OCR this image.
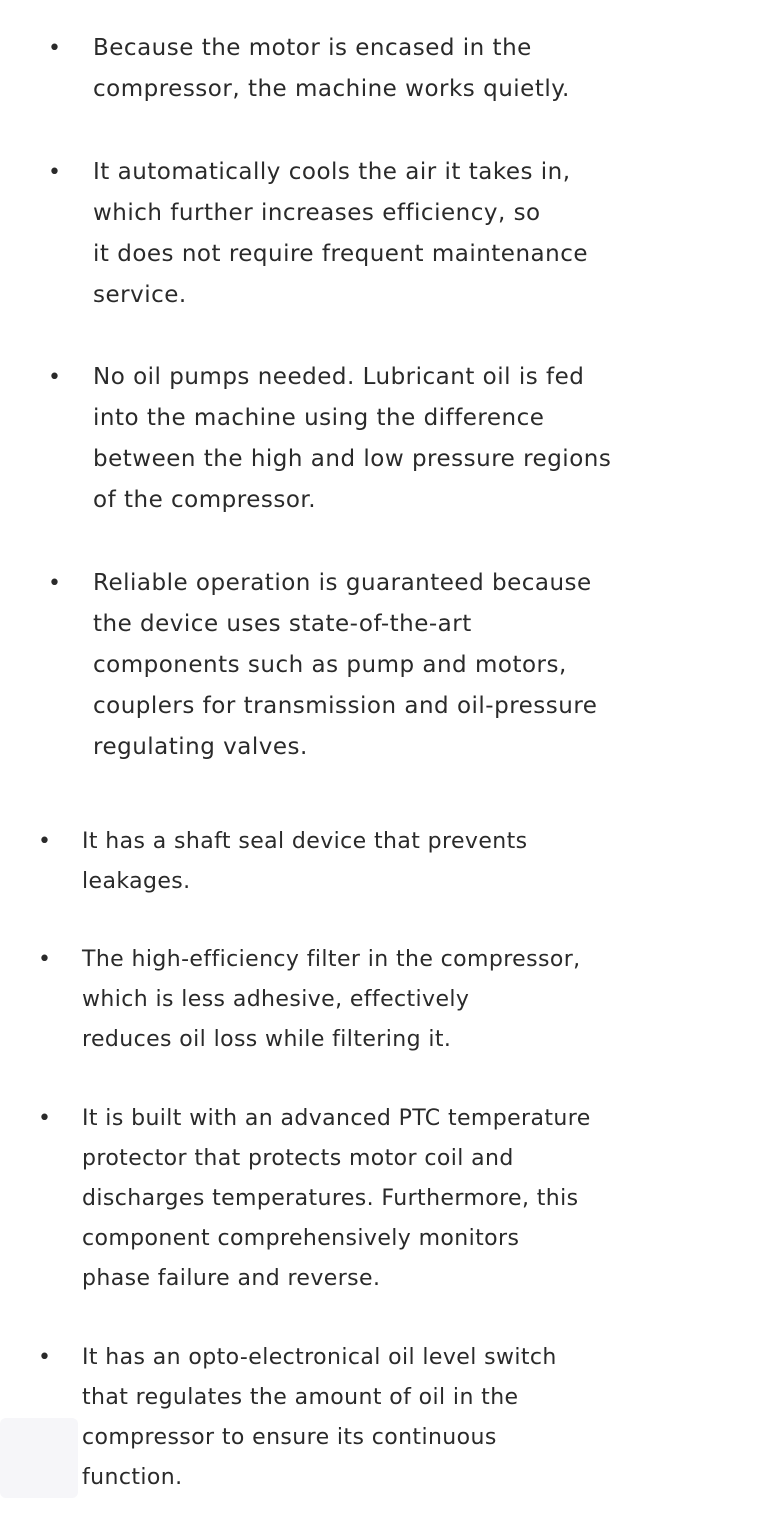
• Because the motor is encased in the
compressor, the machine works quietly.

• It automatically cools the air it takes in,
which further increases efficiency, so
it does not require frequent maintenance
service.

• No oil pumps needed. Lubricant oil is fed
into the machine using the difference
between the high and low pressure regions
of the compressor.

• Reliable operation is guaranteed because
the device uses state-of-the-art
components such as pump and motors,
couplers for transmission and oil-pressure
regulating valves.

• It has a shaft seal device that prevents
leakages.

• The high-efficiency filter in the compressor,
which is less adhesive, effectively
reduces oil loss while filtering it.

• It is built with an advanced PTC temperature
protector that protects motor coil and
discharges temperatures. Furthermore, this
component comprehensively monitors
phase failure and reverse.

• It has an opto-electronical oil level switch
that regulates the amount of oil in the
compressor to ensure its continuous
function.
